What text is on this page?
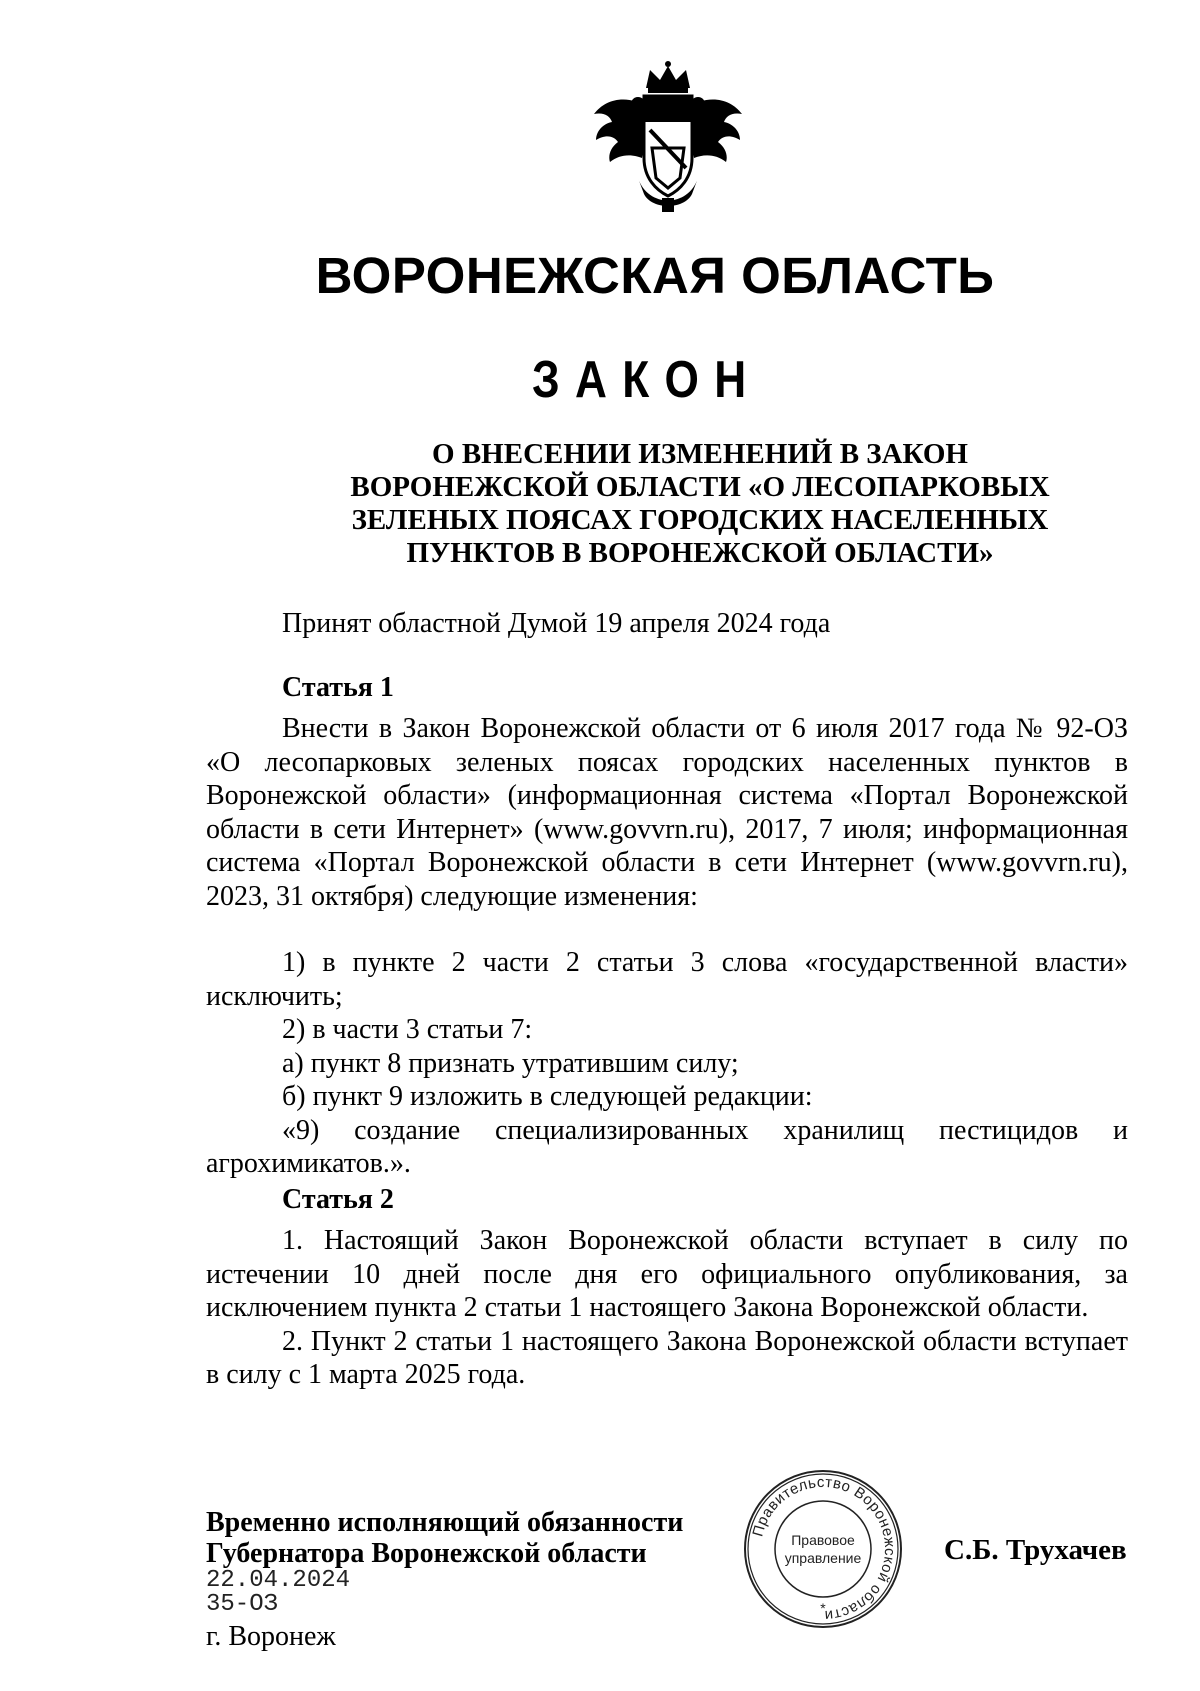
ВОРОНЕЖСКАЯ ОБЛАСТЬ
ЗАКОН
О ВНЕСЕНИИ ИЗМЕНЕНИЙ В ЗАКОН
ВОРОНЕЖСКОЙ ОБЛАСТИ «О ЛЕСОПАРКОВЫХ
ЗЕЛЕНЫХ ПОЯСАХ ГОРОДСКИХ НАСЕЛЕННЫХ
ПУНКТОВ В ВОРОНЕЖСКОЙ ОБЛАСТИ»
Принят областной Думой 19 апреля 2024 года
Статья 1

Внести в Закон Воронежской области от 6 июля 2017 года № 92-ОЗ «О лесопарковых зеленых поясах городских населенных пунктов в Воронежской области» (информационная система «Портал Воронежской области в сети Интернет» (www.govvrn.ru), 2017, 7 июля; информационная система «Портал Воронежской области в сети Интернет (www.govvrn.ru), 2023, 31 октября) следующие изменения:

1) в пункте 2 части 2 статьи 3 слова «государственной власти» исключить;

2) в части 3 статьи 7:

а) пункт 8 признать утратившим силу;

б) пункт 9 изложить в следующей редакции:

«9) создание специализированных хранилищ пестицидов и агрохимикатов.».

Статья 2

1. Настоящий Закон Воронежской области вступает в силу по истечении 10 дней после дня его официального опубликования, за исключением пункта 2 статьи 1 настоящего Закона Воронежской области.

2. Пункт 2 статьи 1 настоящего Закона Воронежской области вступает в силу с 1 марта 2025 года.

Временно исполняющий обязанности
Губернатора Воронежской области
22.04.2024
35-ОЗ
г. Воронеж
Правительство Воронежской области
Правовое
управление
*
С.Б. Трухачев
